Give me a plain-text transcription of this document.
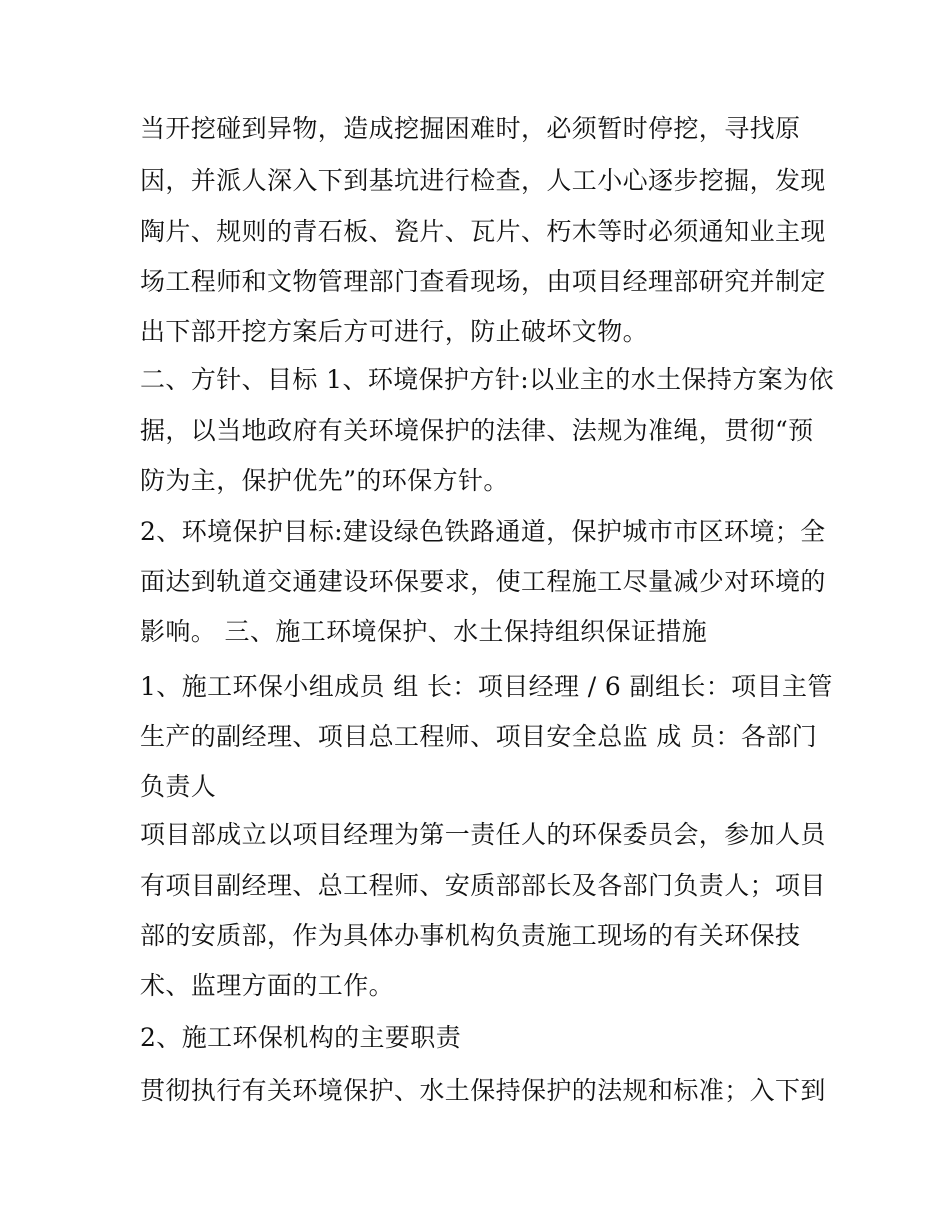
当开挖碰到异物，造成挖掘困难时，必须暂时停挖，寻找原
因，并派人深入下到基坑进行检查，人工小心逐步挖掘，发现
陶片、规则的青石板、瓷片、瓦片、朽木等时必须通知业主现
场工程师和文物管理部门查看现场，由项目经理部研究并制定
出下部开挖方案后方可进行，防止破坏文物。
二、方针、目标 1、环境保护方针:以业主的水土保持方案为依
据，以当地政府有关环境保护的法律、法规为准绳，贯彻“预
防为主，保护优先”的环保方针。
2、环境保护目标:建设绿色铁路通道，保护城市市区环境；全
面达到轨道交通建设环保要求，使工程施工尽量减少对环境的
影响。 三、施工环境保护、水土保持组织保证措施
1、施工环保小组成员 组 长：项目经理 / 6 副组长：项目主管
生产的副经理、项目总工程师、项目安全总监 成 员：各部门
负责人
项目部成立以项目经理为第一责任人的环保委员会，参加人员
有项目副经理、总工程师、安质部部长及各部门负责人；项目
部的安质部，作为具体办事机构负责施工现场的有关环保技
术、监理方面的工作。
2、施工环保机构的主要职责
贯彻执行有关环境保护、水土保持保护的法规和标准；入下到
